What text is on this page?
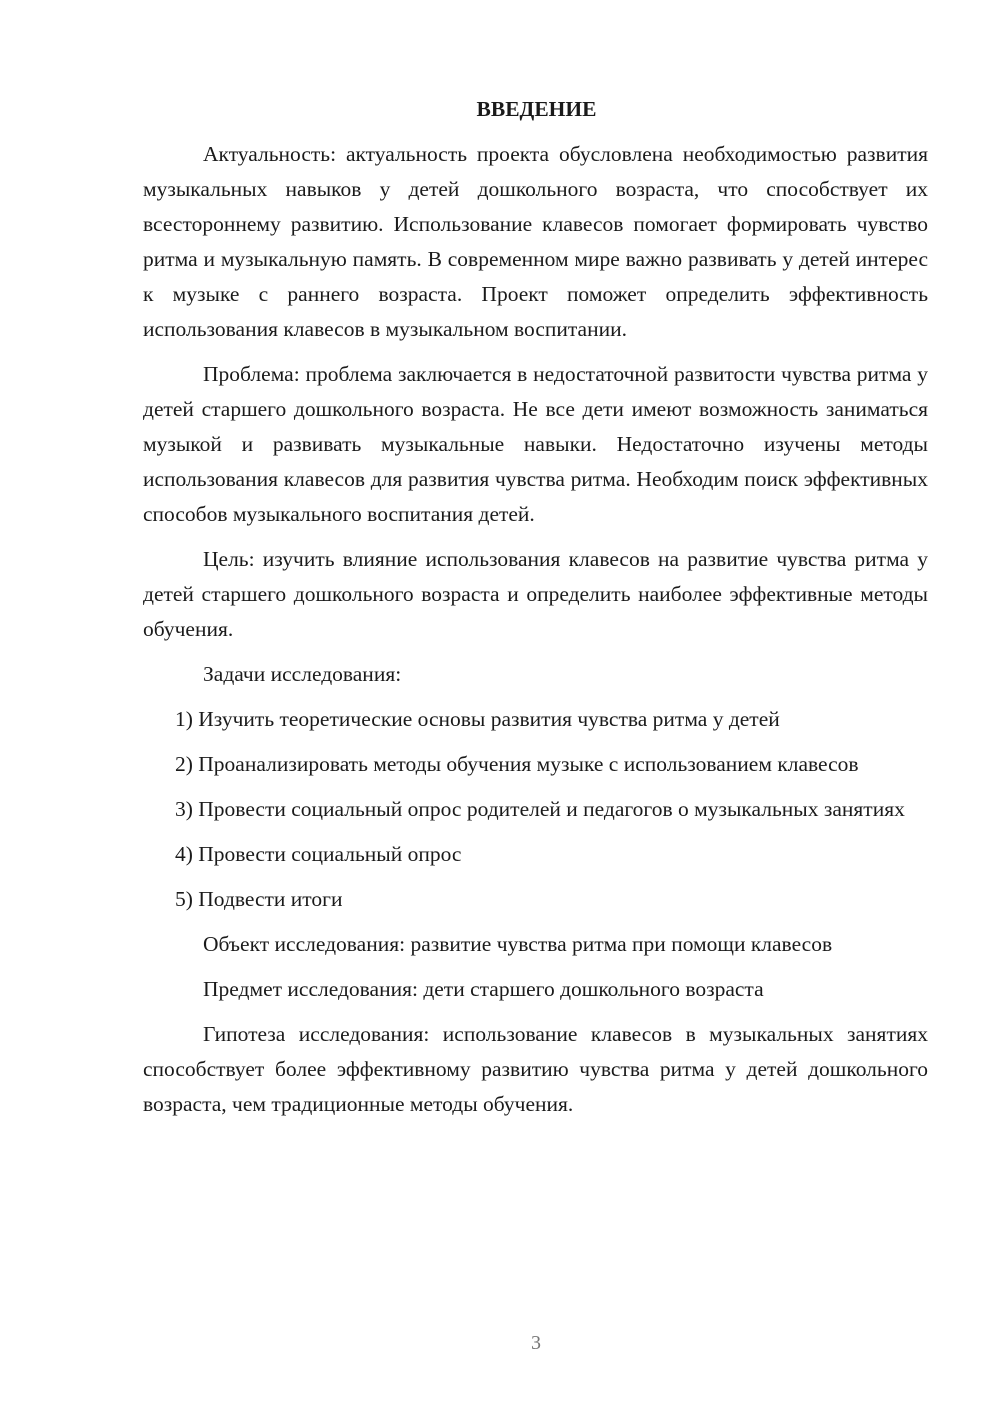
ВВЕДЕНИЕ

Актуальность: актуальность проекта обусловлена необходимостью развития музыкальных навыков у детей дошкольного возраста, что способствует их всестороннему развитию. Использование клавесов помогает формировать чувство ритма и музыкальную память. В современном мире важно развивать у детей интерес к музыке с раннего возраста. Проект поможет определить эффективность использования клавесов в музыкальном воспитании.

Проблема: проблема заключается в недостаточной развитости чувства ритма у детей старшего дошкольного возраста. Не все дети имеют возможность заниматься музыкой и развивать музыкальные навыки. Недостаточно изучены методы использования клавесов для развития чувства ритма. Необходим поиск эффективных способов музыкального воспитания детей.

Цель: изучить влияние использования клавесов на развитие чувства ритма у детей старшего дошкольного возраста и определить наиболее эффективные методы обучения.

Задачи исследования:

1) Изучить теоретические основы развития чувства ритма у детей

2) Проанализировать методы обучения музыке с использованием клавесов

3) Провести социальный опрос родителей и педагогов о музыкальных занятиях

4) Провести социальный опрос

5) Подвести итоги

Объект исследования: развитие чувства ритма при помощи клавесов

Предмет исследования: дети старшего дошкольного возраста

Гипотеза исследования: использование клавесов в музыкальных занятиях способствует более эффективному развитию чувства ритма у детей дошкольного возраста, чем традиционные методы обучения.

3
